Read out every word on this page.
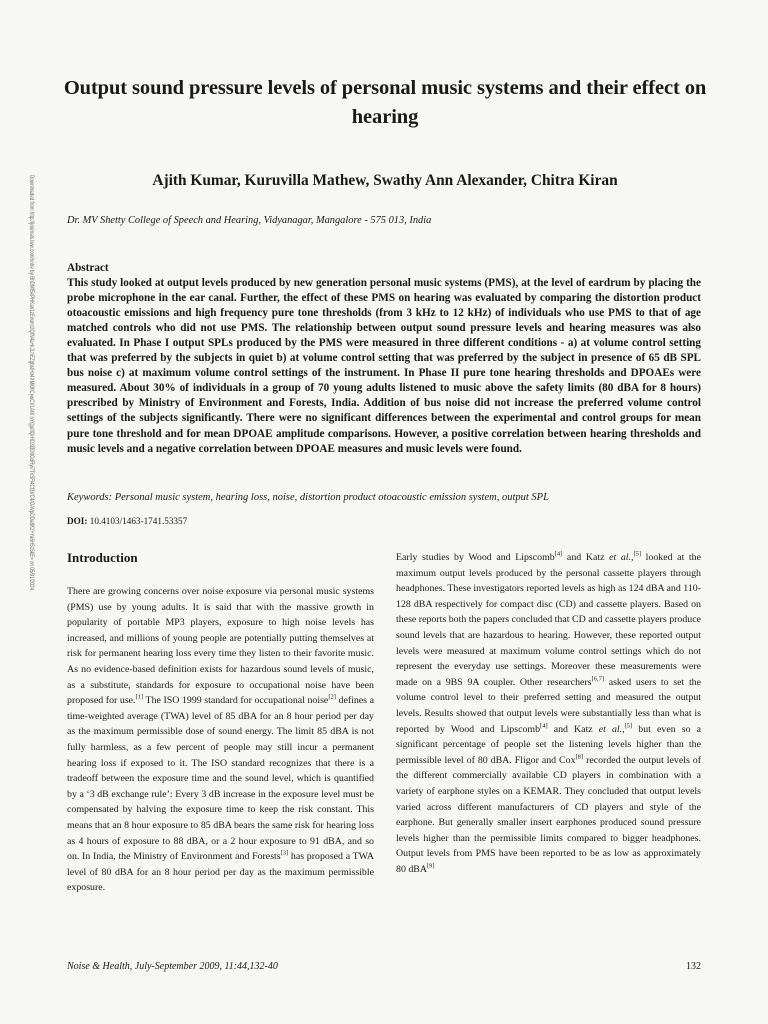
Downloaded from http://journals.lww.com/nohe by BhDMf5ePHKav1zEoum1tQfN4a+kJLhEZgbsIHo4XMi0hCywCX1AW nYQp/IlQrHD3i3D0OdRyi7TvSFl4Cf3VC4/OAVpDDa8K2+Ya6H515kE= on 05/01/2024
Output sound pressure levels of personal music systems and their effect on hearing
Ajith Kumar, Kuruvilla Mathew, Swathy Ann Alexander, Chitra Kiran
Dr. MV Shetty College of Speech and Hearing, Vidyanagar, Mangalore - 575 013, India
Abstract
This study looked at output levels produced by new generation personal music systems (PMS), at the level of eardrum by placing the probe microphone in the ear canal. Further, the effect of these PMS on hearing was evaluated by comparing the distortion product otoacoustic emissions and high frequency pure tone thresholds (from 3 kHz to 12 kHz) of individuals who use PMS to that of age matched controls who did not use PMS. The relationship between output sound pressure levels and hearing measures was also evaluated. In Phase I output SPLs produced by the PMS were measured in three different conditions - a) at volume control setting that was preferred by the subjects in quiet b) at volume control setting that was preferred by the subject in presence of 65 dB SPL bus noise c) at maximum volume control settings of the instrument. In Phase II pure tone hearing thresholds and DPOAEs were measured. About 30% of individuals in a group of 70 young adults listened to music above the safety limits (80 dBA for 8 hours) prescribed by Ministry of Environment and Forests, India. Addition of bus noise did not increase the preferred volume control settings of the subjects significantly. There were no significant differences between the experimental and control groups for mean pure tone threshold and for mean DPOAE amplitude comparisons. However, a positive correlation between hearing thresholds and music levels and a negative correlation between DPOAE measures and music levels were found.
Keywords: Personal music system, hearing loss, noise, distortion product otoacoustic emission system, output SPL
DOI: 10.4103/1463-1741.53357
Introduction

There are growing concerns over noise exposure via personal music systems (PMS) use by young adults. It is said that with the massive growth in popularity of portable MP3 players, exposure to high noise levels has increased, and millions of young people are potentially putting themselves at risk for permanent hearing loss every time they listen to their favorite music. As no evidence-based definition exists for hazardous sound levels of music, as a substitute, standards for exposure to occupational noise have been proposed for use.[1] The ISO 1999 standard for occupational noise[2] defines a time-weighted average (TWA) level of 85 dBA for an 8 hour period per day as the maximum permissible dose of sound energy. The limit 85 dBA is not fully harmless, as a few percent of people may still incur a permanent hearing loss if exposed to it. The ISO standard recognizes that there is a tradeoff between the exposure time and the sound level, which is quantified by a ‘3 dB exchange rule’: Every 3 dB increase in the exposure level must be compensated by halving the exposure time to keep the risk constant. This means that an 8 hour exposure to 85 dBA bears the same risk for hearing loss as 4 hours of exposure to 88 dBA, or a 2 hour exposure to 91 dBA, and so on. In India, the Ministry of Environment and Forests[3] has proposed a TWA level of 80 dBA for an 8 hour period per day as the maximum permissible exposure.

Early studies by Wood and Lipscomb[4] and Katz et al.,[5] looked at the maximum output levels produced by the personal cassette players through headphones. These investigators reported levels as high as 124 dBA and 110-128 dBA respectively for compact disc (CD) and cassette players. Based on these reports both the papers concluded that CD and cassette players produce sound levels that are hazardous to hearing. However, these reported output levels were measured at maximum volume control settings which do not represent the everyday use settings. Moreover these measurements were made on a 9BS 9A coupler. Other researchers[6,7] asked users to set the volume control level to their preferred setting and measured the output levels. Results showed that output levels were substantially less than what is reported by Wood and Lipscomb[4] and Katz et al.,[5] but even so a significant percentage of people set the listening levels higher than the permissible level of 80 dBA. Fligor and Cox[8] recorded the output levels of the different commercially available CD players in combination with a variety of earphone styles on a KEMAR. They concluded that output levels varied across different manufacturers of CD players and style of the earphone. But generally smaller insert earphones produced sound pressure levels higher than the permissible limits compared to bigger headphones. Output levels from PMS have been reported to be as low as approximately 80 dBA[9]

Noise & Health, July-September 2009, 11:44,132-40	132
